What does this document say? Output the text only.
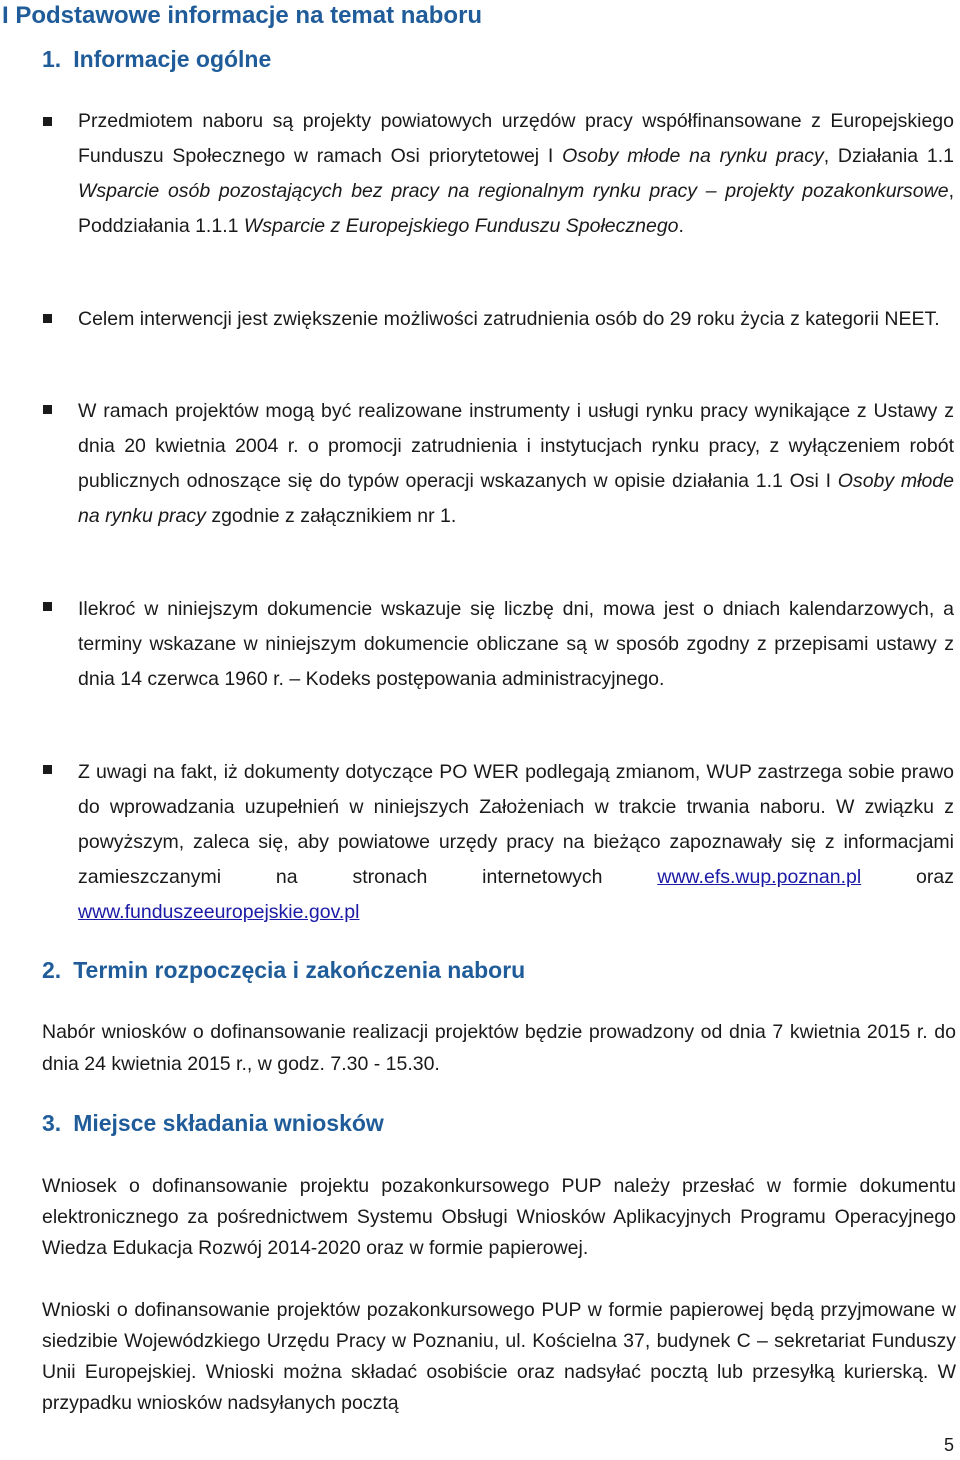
I Podstawowe informacje na temat naboru
1. Informacje ogólne

Przedmiotem naboru są projekty powiatowych urzędów pracy współfinansowane z Europejskiego Funduszu Społecznego w ramach Osi priorytetowej I Osoby młode na rynku pracy, Działania 1.1 Wsparcie osób pozostających bez pracy na regionalnym rynku pracy – projekty pozakonkursowe, Poddziałania 1.1.1 Wsparcie z Europejskiego Funduszu Społecznego.

Celem interwencji jest zwiększenie możliwości zatrudnienia osób do 29 roku życia z kategorii NEET.

W ramach projektów mogą być realizowane instrumenty i usługi rynku pracy wynikające z Ustawy z dnia 20 kwietnia 2004 r. o promocji zatrudnienia i instytucjach rynku pracy, z wyłączeniem robót publicznych odnoszące się do typów operacji wskazanych w opisie działania 1.1 Osi I Osoby młode na rynku pracy zgodnie z załącznikiem nr 1.

Ilekroć w niniejszym dokumencie wskazuje się liczbę dni, mowa jest o dniach kalendarzowych, a terminy wskazane w niniejszym dokumencie obliczane są w sposób zgodny z przepisami ustawy z dnia 14 czerwca 1960 r. – Kodeks postępowania administracyjnego.

Z uwagi na fakt, iż dokumenty dotyczące PO WER podlegają zmianom, WUP zastrzega sobie prawo do wprowadzania uzupełnień w niniejszych Założeniach w trakcie trwania naboru. W związku z powyższym, zaleca się, aby powiatowe urzędy pracy na bieżąco zapoznawały się z informacjami zamieszczanymi na stronach internetowych www.efs.wup.poznan.pl oraz www.funduszeeuropejskie.gov.pl

2. Termin rozpoczęcia i zakończenia naboru

Nabór wniosków o dofinansowanie realizacji projektów będzie prowadzony od dnia 7 kwietnia 2015 r. do dnia 24 kwietnia 2015 r., w godz. 7.30 - 15.30.

3. Miejsce składania wniosków

Wniosek o dofinansowanie projektu pozakonkursowego PUP należy przesłać w formie dokumentu elektronicznego za pośrednictwem Systemu Obsługi Wniosków Aplikacyjnych Programu Operacyjnego Wiedza Edukacja Rozwój 2014-2020 oraz w formie papierowej.

Wnioski o dofinansowanie projektów pozakonkursowego PUP w formie papierowej będą przyjmowane w siedzibie Wojewódzkiego Urzędu Pracy w Poznaniu, ul. Kościelna 37, budynek C – sekretariat Funduszy Unii Europejskiej. Wnioski można składać osobiście oraz nadsyłać pocztą lub przesyłką kurierską. W przypadku wniosków nadsyłanych pocztą

5
